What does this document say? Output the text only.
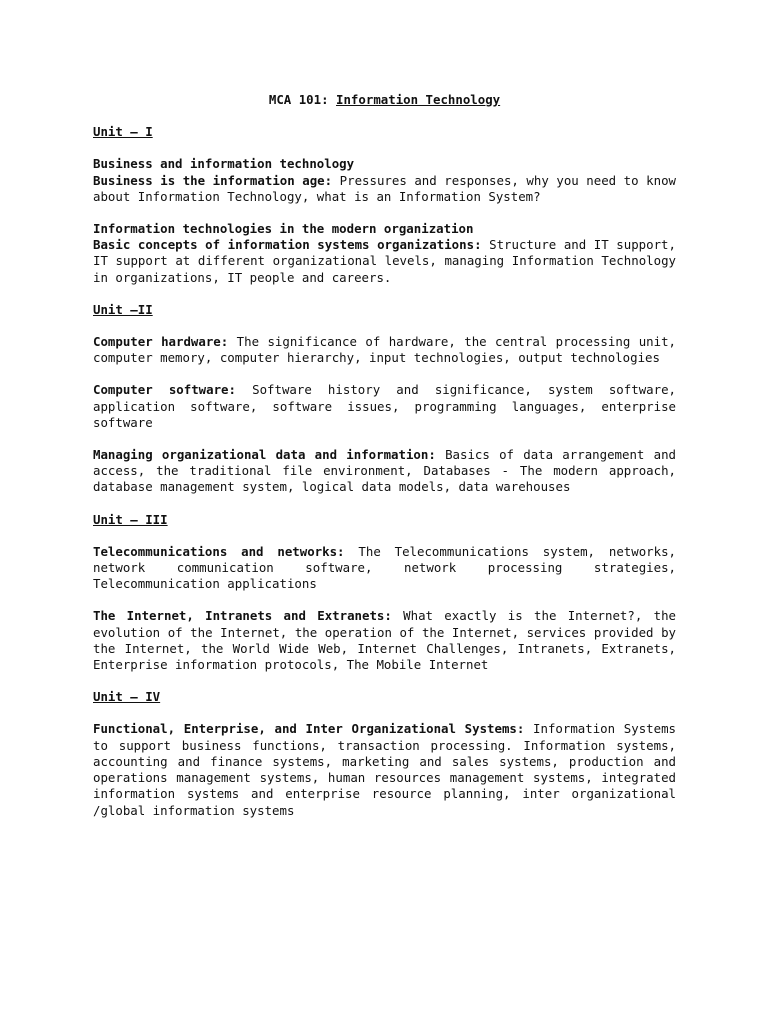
MCA 101: Information Technology
Unit – I
Business and information technology
Business is the information age: Pressures and responses, why you need to know about Information Technology, what is an Information System?
Information technologies in the modern organization
Basic concepts of information systems organizations: Structure and IT support, IT support at different organizational levels, managing Information Technology in organizations, IT people and careers.
Unit –II
Computer hardware: The significance of hardware, the central processing unit, computer memory, computer hierarchy, input technologies, output technologies
Computer software: Software history and significance, system software, application software, software issues, programming languages, enterprise software
Managing organizational data and information: Basics of data arrangement and access, the traditional file environment, Databases - The modern approach, database management system, logical data models, data warehouses
Unit – III
Telecommunications and networks: The Telecommunications system, networks, network communication software, network processing strategies, Telecommunication applications
The Internet, Intranets and Extranets: What exactly is the Internet?, the evolution of the Internet, the operation of the Internet, services provided by the Internet, the World Wide Web, Internet Challenges, Intranets, Extranets, Enterprise information protocols, The Mobile Internet
Unit – IV
Functional, Enterprise, and Inter Organizational Systems: Information Systems to support business functions, transaction processing. Information systems, accounting and finance systems, marketing and sales systems, production and operations management systems, human resources management systems, integrated information systems and enterprise resource planning, inter organizational /global information systems
